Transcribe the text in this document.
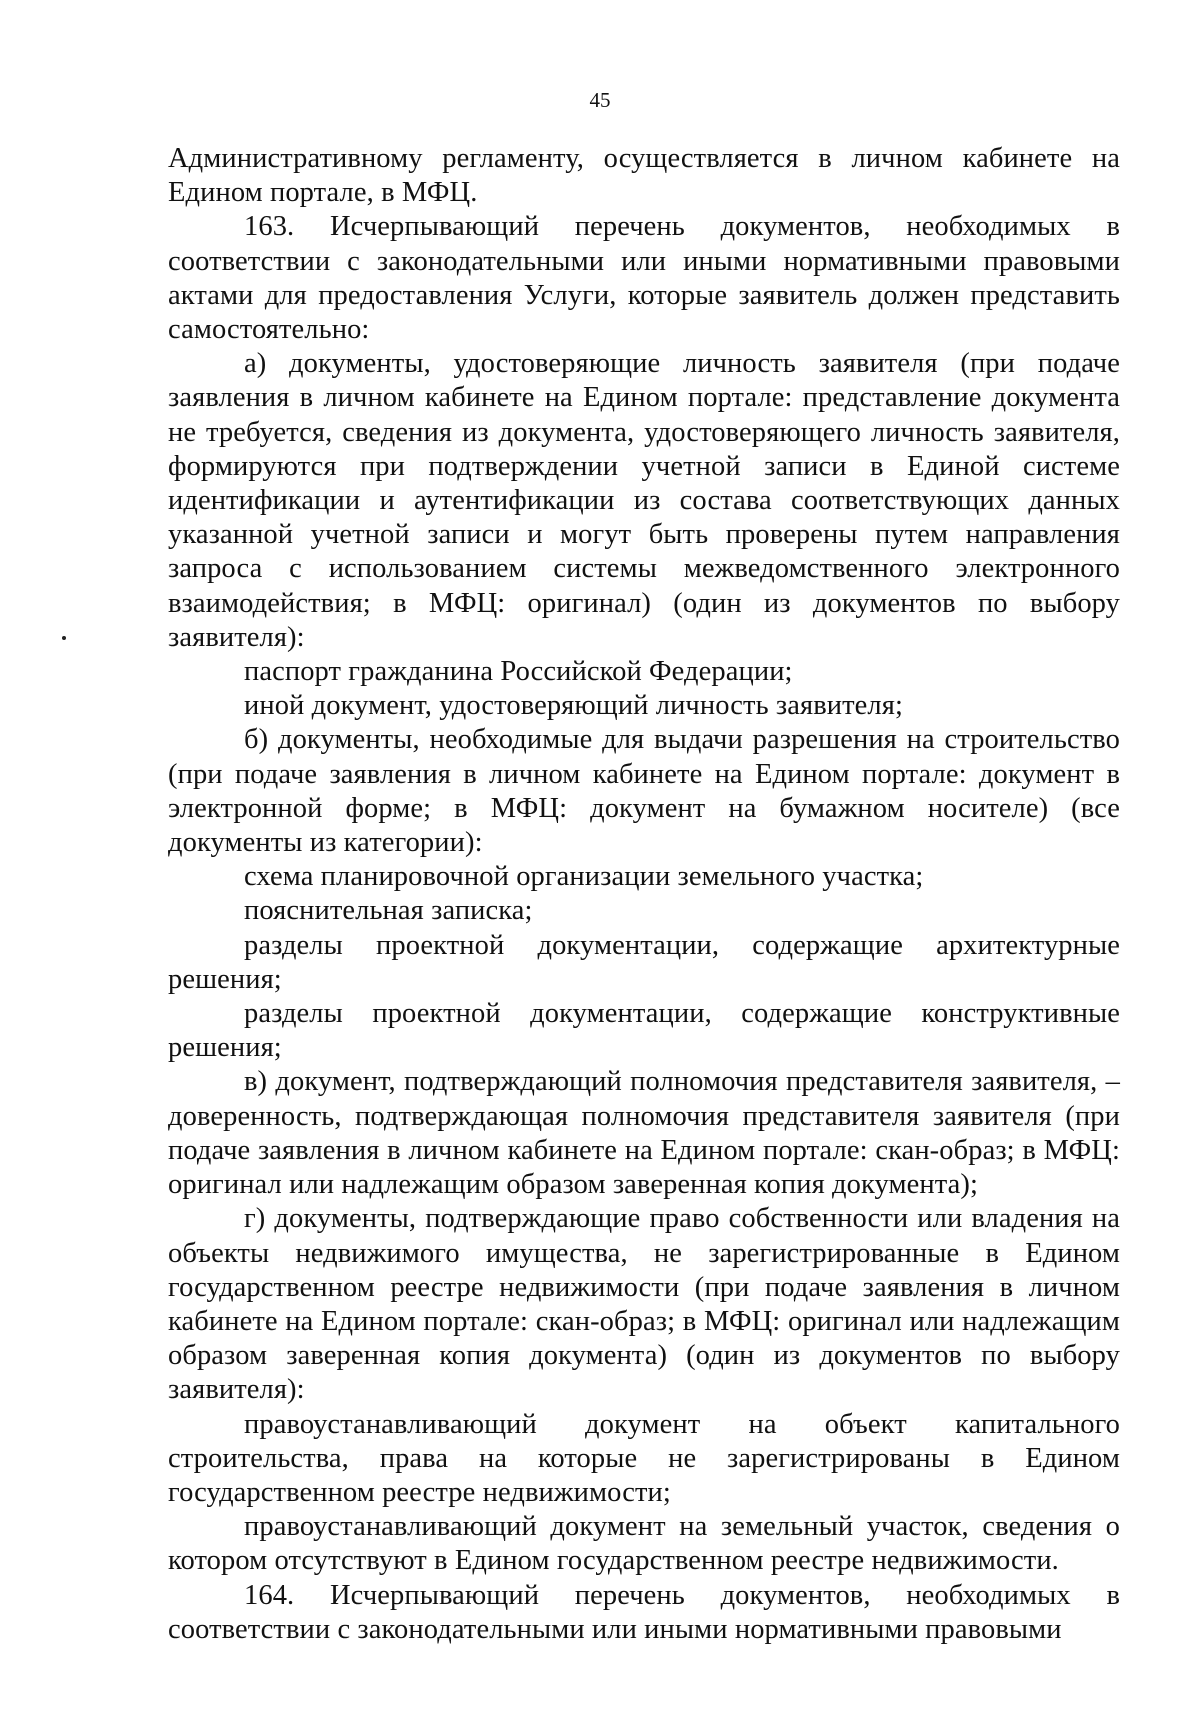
45

Административному регламенту, осуществляется в личном кабинете на Едином портале, в МФЦ.

163. Исчерпывающий перечень документов, необходимых в соответствии с законодательными или иными нормативными правовыми актами для предоставления Услуги, которые заявитель должен представить самостоятельно:

а) документы, удостоверяющие личность заявителя (при подаче заявления в личном кабинете на Едином портале: представление документа не требуется, сведения из документа, удостоверяющего личность заявителя, формируются при подтверждении учетной записи в Единой системе идентификации и аутентификации из состава соответствующих данных указанной учетной записи и могут быть проверены путем направления запроса с использованием системы межведомственного электронного взаимодействия; в МФЦ: оригинал) (один из документов по выбору заявителя):

паспорт гражданина Российской Федерации;

иной документ, удостоверяющий личность заявителя;

б) документы, необходимые для выдачи разрешения на строительство (при подаче заявления в личном кабинете на Едином портале: документ в электронной форме; в МФЦ: документ на бумажном носителе) (все документы из категории):

схема планировочной организации земельного участка;

пояснительная записка;

разделы проектной документации, содержащие архитектурные решения;

разделы проектной документации, содержащие конструктивные решения;

в) документ, подтверждающий полномочия представителя заявителя, – доверенность, подтверждающая полномочия представителя заявителя (при подаче заявления в личном кабинете на Едином портале: скан-образ; в МФЦ: оригинал или надлежащим образом заверенная копия документа);

г) документы, подтверждающие право собственности или владения на объекты недвижимого имущества, не зарегистрированные в Едином государственном реестре недвижимости (при подаче заявления в личном кабинете на Едином портале: скан-образ; в МФЦ: оригинал или надлежащим образом заверенная копия документа) (один из документов по выбору заявителя):

правоустанавливающий документ на объект капитального строительства, права на которые не зарегистрированы в Едином государственном реестре недвижимости;

правоустанавливающий документ на земельный участок, сведения о котором отсутствуют в Едином государственном реестре недвижимости.

164. Исчерпывающий перечень документов, необходимых в соответствии с законодательными или иными нормативными правовыми
